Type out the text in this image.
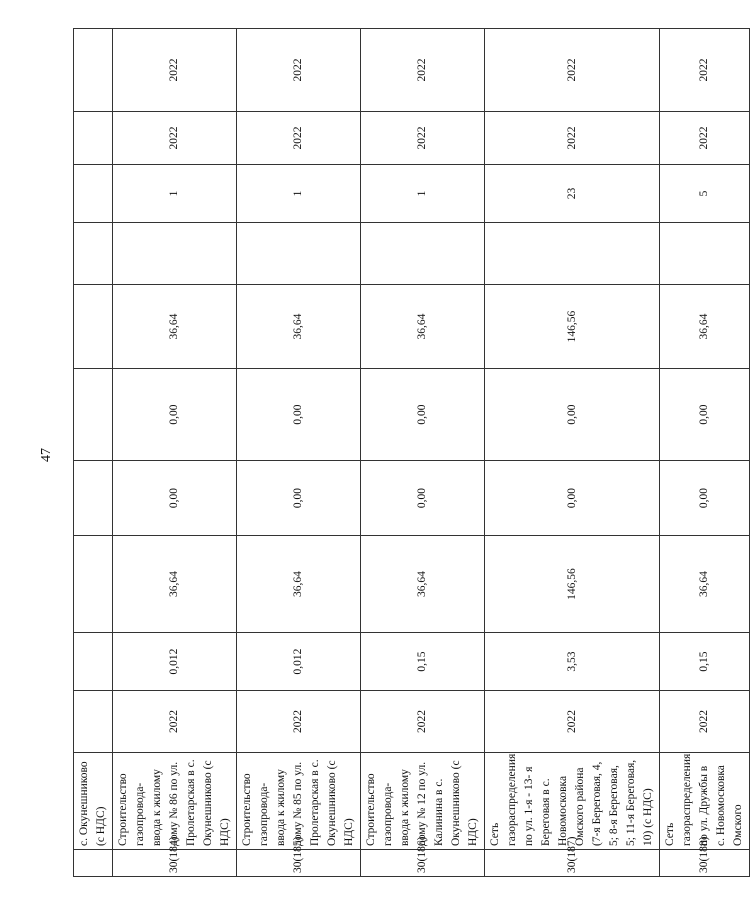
47
	с. Окунешниково (с НДС)										
30(184)	Строительство газопровода-ввода к жилому дому № 86 по ул. Пролетарская в с. Окунешниково (с НДС)	2022	0,012	36,64	0,00	0,00	36,64		1	2022	2022
30(185)	Строительство газопровода-ввода к жилому дому № 85 по ул. Пролетарская в с. Окунешниково (с НДС)	2022	0,012	36,64	0,00	0,00	36,64		1	2022	2022
30(186)	Строительство газопровода-ввода к жилому дому № 12 по ул. Калинина в с. Окунешниково (с НДС)	2022	0,15	36,64	0,00	0,00	36,64		1	2022	2022
30(187)	Сеть газораспределения по ул. 1-я - 13- я Береговая в с. Новомосковка Омского района (7-я Береговая, 4, 5; 8-я Береговая, 5; 11-я Береговая, 10) (с НДС)	2022	3,53	146,56	0,00	0,00	146,56		23	2022	2022
30(188)	Сеть газораспределения по ул. Дружбы в с. Новомосковка Омского	2022	0,15	36,64	0,00	0,00	36,64		5	2022	2022
